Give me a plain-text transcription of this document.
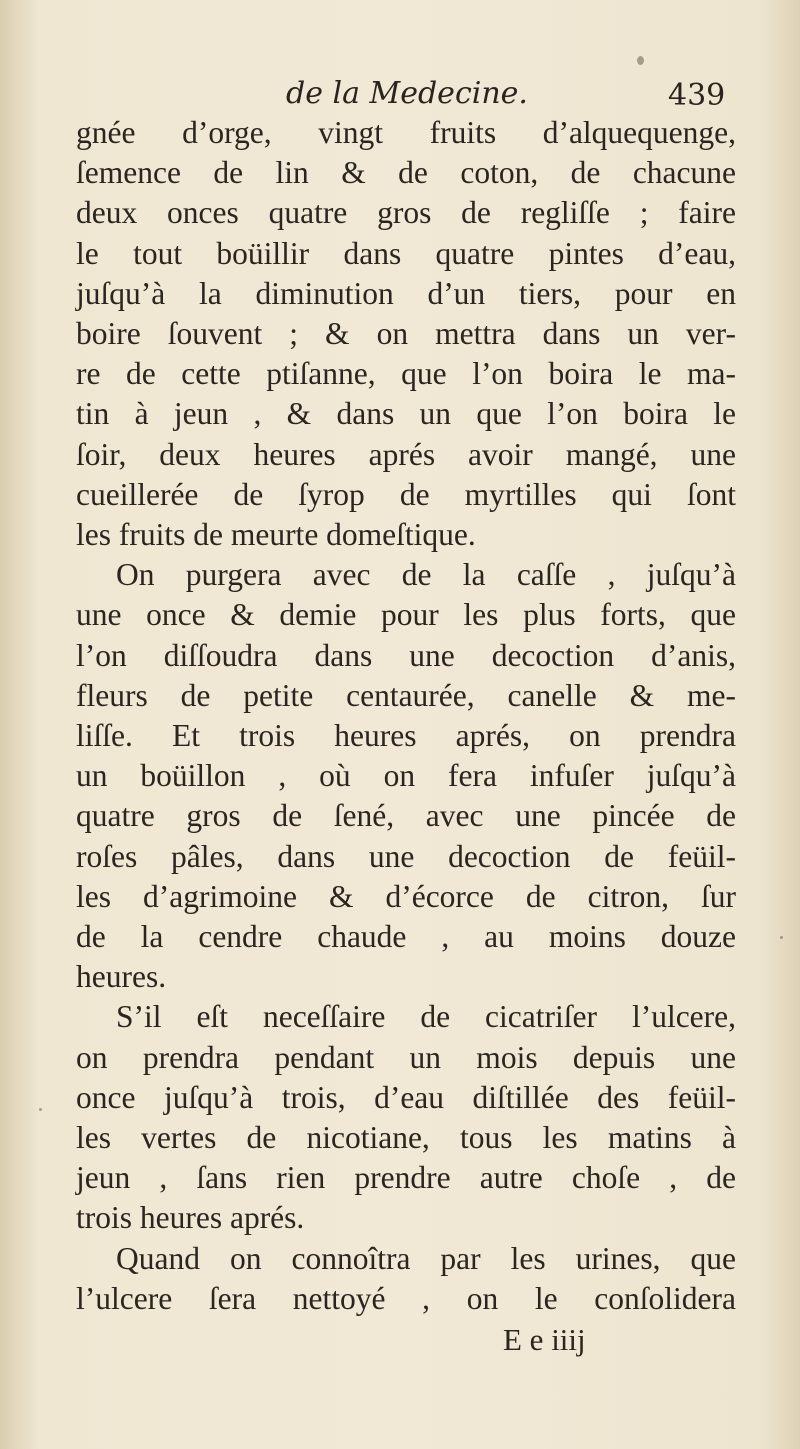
de la Medecine.	439
gnée d’orge, vingt fruits d’alquequenge,
ſemence de lin & de coton, de chacune
deux onces quatre gros de regliſſe ; faire
le tout boüillir dans quatre pintes d’eau,
juſqu’à la diminution d’un tiers, pour en
boire ſouvent ; & on mettra dans un ver-
re de cette ptiſanne, que l’on boira le ma-
tin à jeun , & dans un que l’on boira le
ſoir, deux heures aprés avoir mangé, une
cueillerée de ſyrop de myrtilles qui ſont
les fruits de meurte domeſtique.
On purgera avec de la caſſe , juſqu’à
une once & demie pour les plus forts, que
l’on diſſoudra dans une decoction d’anis,
fleurs de petite centaurée, canelle & me-
liſſe. Et trois heures aprés, on prendra
un boüillon , où on fera infuſer juſqu’à
quatre gros de ſené, avec une pincée de
roſes pâles, dans une decoction de feüil-
les d’agrimoine & d’écorce de citron, ſur
de la cendre chaude , au moins douze
heures.
S’il eſt neceſſaire de cicatriſer l’ulcere,
on prendra pendant un mois depuis une
once juſqu’à trois, d’eau diſtillée des feüil-
les vertes de nicotiane, tous les matins à
jeun , ſans rien prendre autre choſe , de
trois heures aprés.
Quand on connoîtra par les urines, que
l’ulcere ſera nettoyé , on le conſolidera
E e iiij
